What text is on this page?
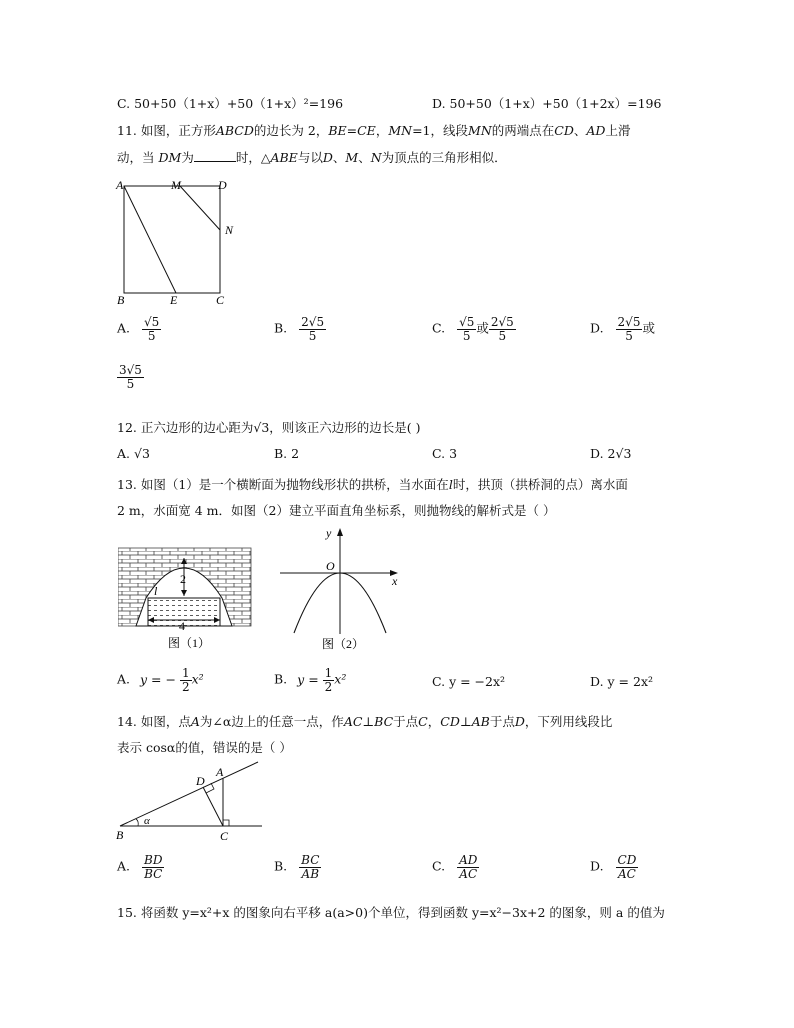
C. 50+50（1+x）+50（1+x）²=196	D. 50+50（1+x）+50（1+2x）=196
11. 如图，正方形ABCD的边长为 2，BE=CE，MN=1，线段MN的两端点在CD、AD上滑
动，当 DM为	时，△ABE与以D、M、N为顶点的三角形相似．
A	M	D
N
B	E	C
A. $\frac{√5}{5}$	B. $\frac{2√5}{5}$	C. $\frac{√5}{5}$ 或 $\frac{2√5}{5}$	D. $\frac{2√5}{5}$ 或
$\frac{3√5}{5}$
12. 正六边形的边心距为√3，则该正六边形的边长是( )
A. √3	B. 2	C. 3	D. 2√3
13. 如图（1）是一个横断面为抛物线形状的拱桥，当水面在l时，拱顶（拱桥洞的点）离水面
2 m，水面宽 4 m．如图（2）建立平面直角坐标系，则抛物线的解析式是（ ）
2
l
4
图（1）
y
x
O
图（2）
A. y = − $\frac{1}{2} x^2$	B. $y = \frac{1}{2} x^2$	C. y = −2x²	D. y = 2x²
14. 如图，点A为∠α边上的任意一点，作AC⊥BC于点C，CD⊥AB于点D，下列用线段比
表示 cosα的值，错误的是（ ）
A
D
B	C
α
A. $\frac{BD}{BC}$	B. $\frac{BC}{AB}$	C. $\frac{AD}{AC}$	D. $\frac{CD}{AC}$
15. 将函数 y=x²+x 的图象向右平移 a(a>0)个单位，得到函数 y=x²−3x+2 的图象，则 a 的值为
